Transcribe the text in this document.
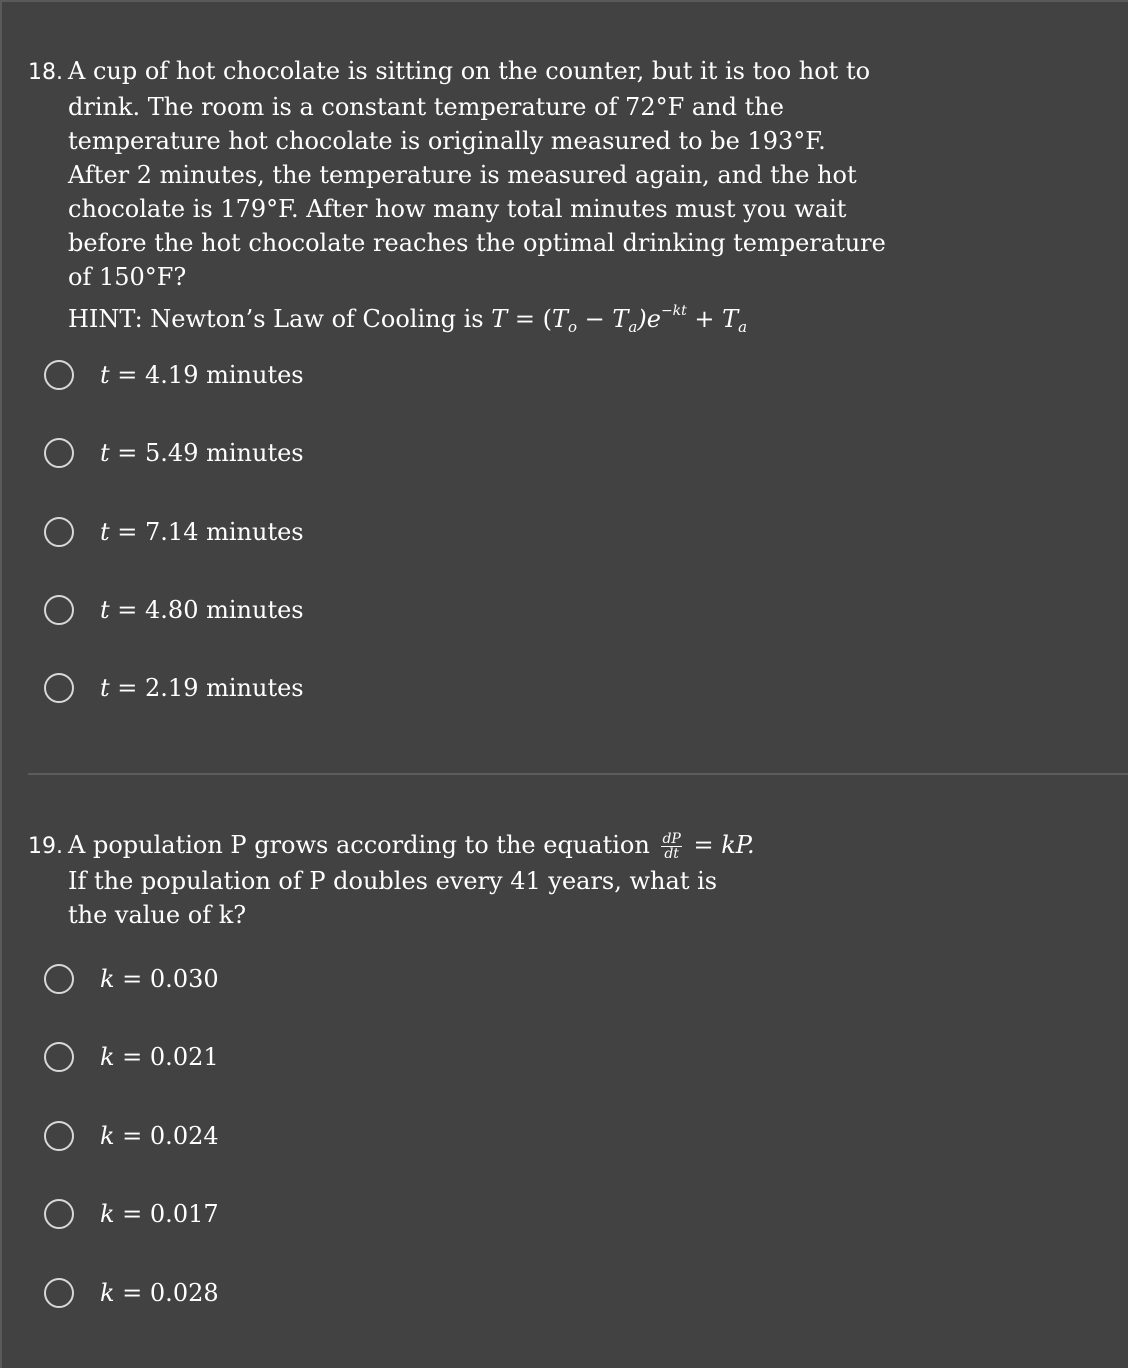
18. A cup of hot chocolate is sitting on the counter, but it is too hot to
drink. The room is a constant temperature of 72°F and the
temperature hot chocolate is originally measured to be 193°F.
After 2 minutes, the temperature is measured again, and the hot
chocolate is 179°F. After how many total minutes must you wait
before the hot chocolate reaches the optimal drinking temperature
of 150°F?
HINT: Newton’s Law of Cooling is $T = (T_o - T_a)e^{-kt} + T_a$
t = 4.19 minutes
t = 5.49 minutes
t = 7.14 minutes
t = 4.80 minutes
t = 2.19 minutes
19. A population P grows according to the equation $\frac{dP}{dt}$ = kP.
If the population of P doubles every 41 years, what is
the value of k?
k = 0.030
k = 0.021
k = 0.024
k = 0.017
k = 0.028
